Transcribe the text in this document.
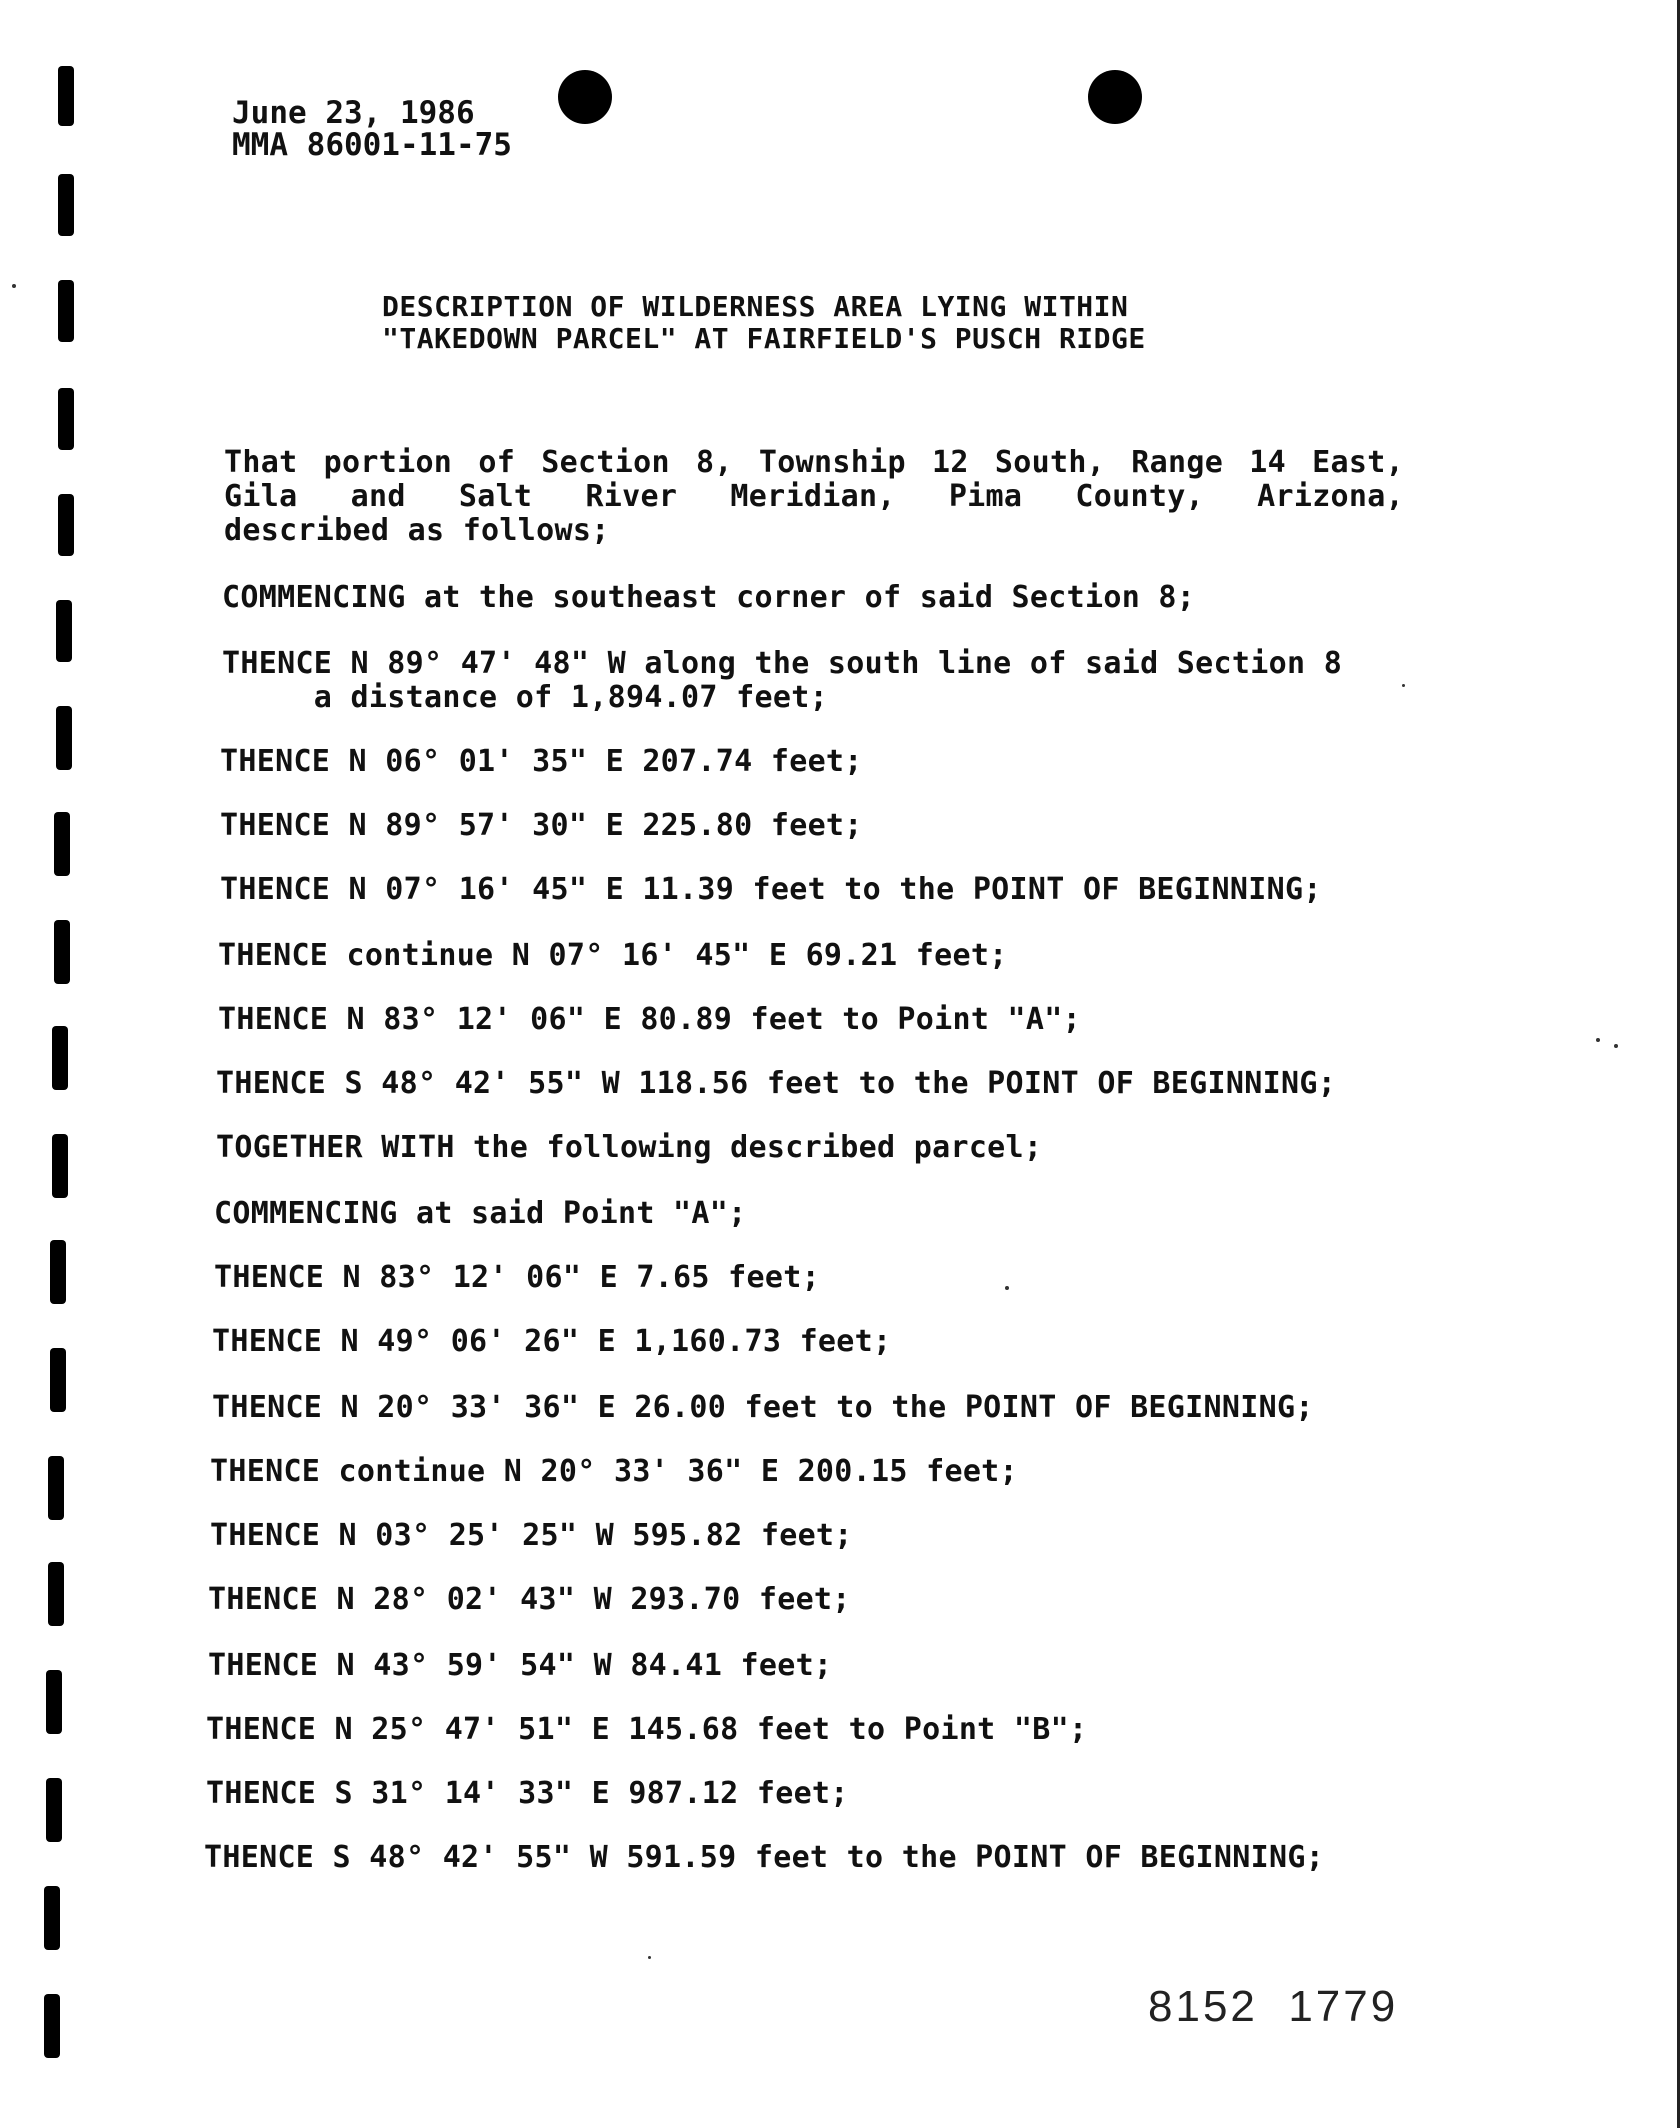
June 23, 1986
MMA 86001-11-75
DESCRIPTION OF WILDERNESS AREA LYING WITHIN
"TAKEDOWN PARCEL" AT FAIRFIELD'S PUSCH RIDGE
That portion of Section 8, Township 12 South, Range 14 East,
Gila and Salt River Meridian, Pima County, Arizona,
described as follows;
COMMENCING at the southeast corner of said Section 8;
THENCE N 89° 47' 48" W along the south line of said Section 8
a distance of 1,894.07 feet;
THENCE N 06° 01' 35" E 207.74 feet;
THENCE N 89° 57' 30" E 225.80 feet;
THENCE N 07° 16' 45" E 11.39 feet to the POINT OF BEGINNING;
THENCE continue N 07° 16' 45" E 69.21 feet;
THENCE N 83° 12' 06" E 80.89 feet to Point "A";
THENCE S 48° 42' 55" W 118.56 feet to the POINT OF BEGINNING;
TOGETHER WITH the following described parcel;
COMMENCING at said Point "A";
THENCE N 83° 12' 06" E 7.65 feet;
THENCE N 49° 06' 26" E 1,160.73 feet;
THENCE N 20° 33' 36" E 26.00 feet to the POINT OF BEGINNING;
THENCE continue N 20° 33' 36" E 200.15 feet;
THENCE N 03° 25' 25" W 595.82 feet;
THENCE N 28° 02' 43" W 293.70 feet;
THENCE N 43° 59' 54" W 84.41 feet;
THENCE N 25° 47' 51" E 145.68 feet to Point "B";
THENCE S 31° 14' 33" E 987.12 feet;
THENCE S 48° 42' 55" W 591.59 feet to the POINT OF BEGINNING;
8152  1779
